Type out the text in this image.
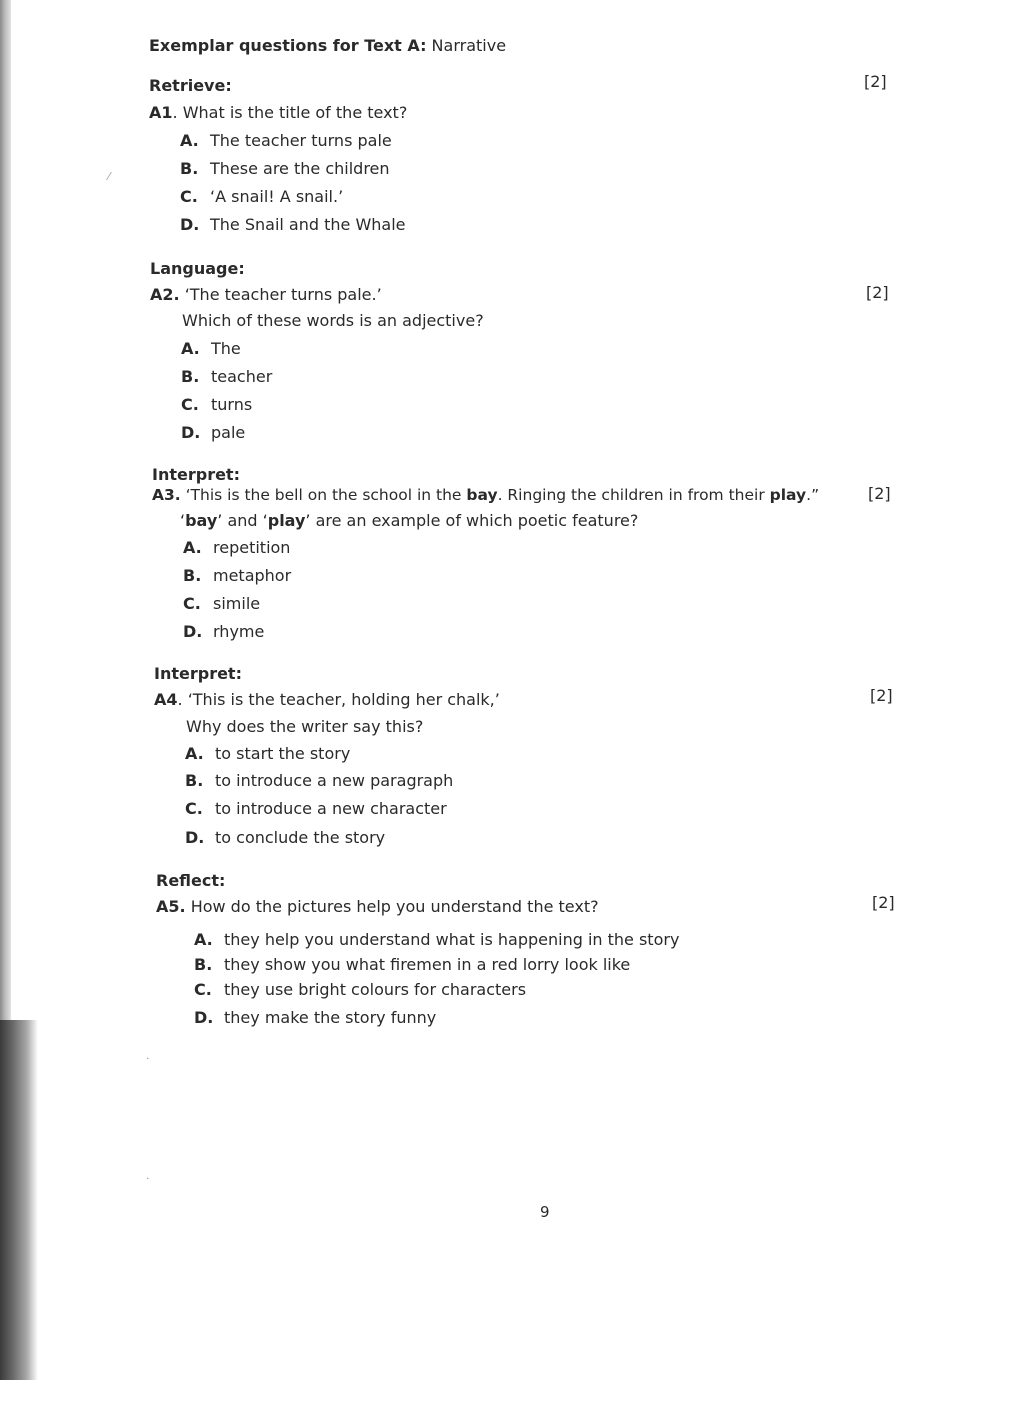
Exemplar questions for Text A: Narrative
Retrieve:	[2]
A1. What is the title of the text?
A. The teacher turns pale
B. These are the children
C. ‘A snail! A snail.’
D. The Snail and the Whale
Language:
[2]
A2. ‘The teacher turns pale.’
Which of these words is an adjective?
A. The
B. teacher
C. turns
D. pale
Interpret:
[2]
A3. ‘This is the bell on the school in the bay. Ringing the children in from their play.”
‘bay’ and ‘play’ are an example of which poetic feature?
A. repetition
B. metaphor
C. simile
D. rhyme
Interpret:
[2]
A4. ‘This is the teacher, holding her chalk,’
Why does the writer say this?
A. to start the story
B. to introduce a new paragraph
C. to introduce a new character
D. to conclude the story
Reflect:
[2]
A5. How do the pictures help you understand the text?
A. they help you understand what is happening in the story
B. they show you what firemen in a red lorry look like
C. they use bright colours for characters
D. they make the story funny
9
⁄
·
·
